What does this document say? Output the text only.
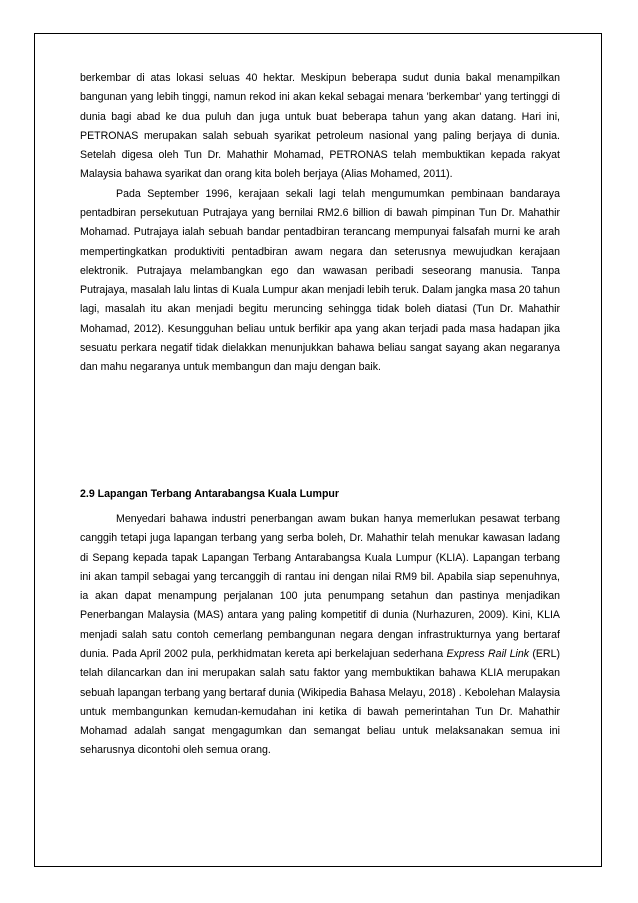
berkembar di atas lokasi seluas 40 hektar. Meskipun beberapa sudut dunia bakal menampilkan bangunan yang lebih tinggi, namun rekod ini akan kekal sebagai menara 'berkembar' yang tertinggi di dunia bagi abad ke dua puluh dan juga untuk buat beberapa tahun yang akan datang. Hari ini, PETRONAS merupakan salah sebuah syarikat petroleum nasional yang paling berjaya di dunia. Setelah digesa oleh Tun Dr. Mahathir Mohamad, PETRONAS telah membuktikan kepada rakyat Malaysia bahawa syarikat dan orang kita boleh berjaya (Alias Mohamed, 2011).

Pada September 1996, kerajaan sekali lagi telah mengumumkan pembinaan bandaraya pentadbiran persekutuan Putrajaya yang bernilai RM2.6 billion di bawah pimpinan Tun Dr. Mahathir Mohamad. Putrajaya ialah sebuah bandar pentadbiran terancang mempunyai falsafah murni ke arah mempertingkatkan produktiviti pentadbiran awam negara dan seterusnya mewujudkan kerajaan elektronik. Putrajaya melambangkan ego dan wawasan peribadi seseorang manusia. Tanpa Putrajaya, masalah lalu lintas di Kuala Lumpur akan menjadi lebih teruk. Dalam jangka masa 20 tahun lagi, masalah itu akan menjadi begitu meruncing sehingga tidak boleh diatasi (Tun Dr. Mahathir Mohamad, 2012). Kesungguhan beliau untuk berfikir apa yang akan terjadi pada masa hadapan jika sesuatu perkara negatif tidak dielakkan menunjukkan bahawa beliau sangat sayang akan negaranya dan mahu negaranya untuk membangun dan maju dengan baik.

2.9 Lapangan Terbang Antarabangsa Kuala Lumpur

Menyedari bahawa industri penerbangan awam bukan hanya memerlukan pesawat terbang canggih tetapi juga lapangan terbang yang serba boleh, Dr. Mahathir telah menukar kawasan ladang di Sepang kepada tapak Lapangan Terbang Antarabangsa Kuala Lumpur (KLIA). Lapangan terbang ini akan tampil sebagai yang tercanggih di rantau ini dengan nilai RM9 bil. Apabila siap sepenuhnya, ia akan dapat menampung perjalanan 100 juta penumpang setahun dan pastinya menjadikan Penerbangan Malaysia (MAS) antara yang paling kompetitif di dunia (Nurhazuren, 2009). Kini, KLIA menjadi salah satu contoh cemerlang pembangunan negara dengan infrastrukturnya yang bertaraf dunia. Pada April 2002 pula, perkhidmatan kereta api berkelajuan sederhana Express Rail Link (ERL) telah dilancarkan dan ini merupakan salah satu faktor yang membuktikan bahawa KLIA merupakan sebuah lapangan terbang yang bertaraf dunia (Wikipedia Bahasa Melayu, 2018) . Kebolehan Malaysia untuk membangunkan kemudan-kemudahan ini ketika di bawah pemerintahan Tun Dr. Mahathir Mohamad adalah sangat mengagumkan dan semangat beliau untuk melaksanakan semua ini seharusnya dicontohi oleh semua orang.
